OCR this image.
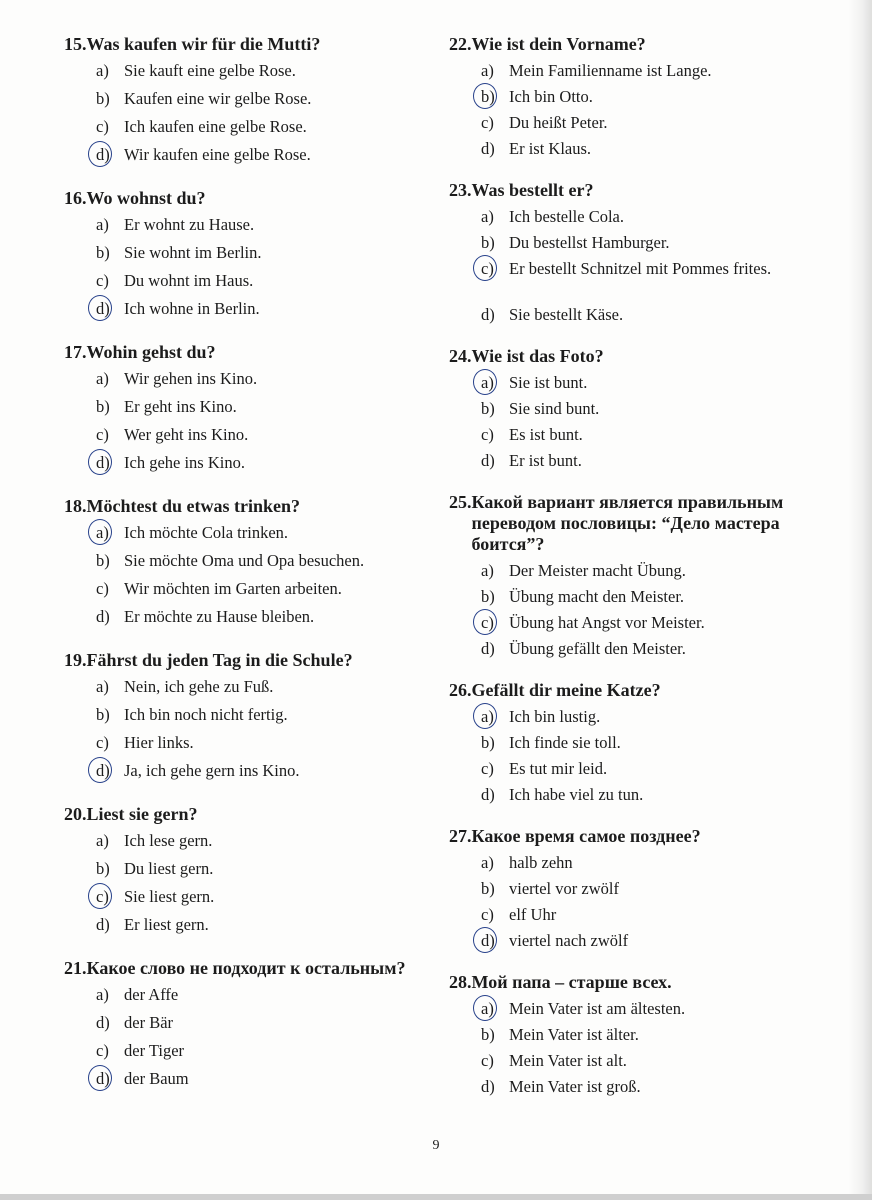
15. Was kaufen wir für die Mutti?
a) Sie kauft eine gelbe Rose.
b) Kaufen eine wir gelbe Rose.
c) Ich kaufen eine gelbe Rose.
d) Wir kaufen eine gelbe Rose.
16. Wo wohnst du?
a) Er wohnt zu Hause.
b) Sie wohnt im Berlin.
c) Du wohnt im Haus.
d) Ich wohne in Berlin.
17. Wohin gehst du?
a) Wir gehen ins Kino.
b) Er geht ins Kino.
c) Wer geht ins Kino.
d) Ich gehe ins Kino.
18. Möchtest du etwas trinken?
a) Ich möchte Cola trinken.
b) Sie möchte Oma und Opa besuchen.
c) Wir möchten im Garten arbeiten.
d) Er möchte zu Hause bleiben.
19. Fährst du jeden Tag in die Schule?
a) Nein, ich gehe zu Fuß.
b) Ich bin noch nicht fertig.
c) Hier links.
d) Ja, ich gehe gern ins Kino.
20. Liest sie gern?
a) Ich lese gern.
b) Du liest gern.
c) Sie liest gern.
d) Er liest gern.
21. Какое слово не подходит к остальным?
a) der Affe
d) der Bär
c) der Tiger
d) der Baum
22. Wie ist dein Vorname?
a) Mein Familienname ist Lange.
b) Ich bin Otto.
c) Du heißt Peter.
d) Er ist Klaus.
23. Was bestellt er?
a) Ich bestelle Cola.
b) Du bestellst Hamburger.
c) Er bestellt Schnitzel mit Pommes frites.
d) Sie bestellt Käse.
24. Wie ist das Foto?
a) Sie ist bunt.
b) Sie sind bunt.
c) Es ist bunt.
d) Er ist bunt.
25. Какой вариант является правильным переводом пословицы: “Дело мастера боится”?
a) Der Meister macht Übung.
b) Übung macht den Meister.
c) Übung hat Angst vor Meister.
d) Übung gefällt den Meister.
26. Gefällt dir meine Katze?
a) Ich bin lustig.
b) Ich finde sie toll.
c) Es tut mir leid.
d) Ich habe viel zu tun.
27. Какое время самое позднее?
a) halb zehn
b) viertel vor zwölf
c) elf Uhr
d) viertel nach zwölf
28. Мой папа – старше всех.
a) Mein Vater ist am ältesten.
b) Mein Vater ist älter.
c) Mein Vater ist alt.
d) Mein Vater ist groß.
9
